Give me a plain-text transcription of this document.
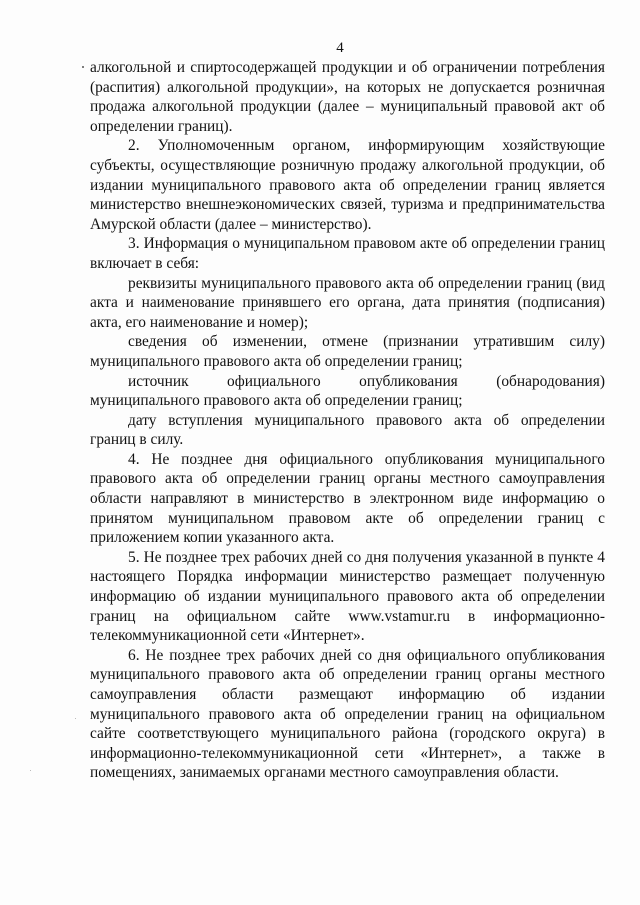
4

алкогольной и спиртосодержащей продукции и об ограничении потребления (распития) алкогольной продукции», на которых не допускается розничная продажа алкогольной продукции (далее – муниципальный правовой акт об определении границ).

2. Уполномоченным органом, информирующим хозяйствующие субъекты, осуществляющие розничную продажу алкогольной продукции, об издании муниципального правового акта об определении границ является министерство внешнеэкономических связей, туризма и предпринимательства Амурской области (далее – министерство).

3. Информация о муниципальном правовом акте об определении границ включает в себя:

реквизиты муниципального правового акта об определении границ (вид акта и наименование принявшего его органа, дата принятия (подписания) акта, его наименование и номер);

сведения об изменении, отмене (признании утратившим силу) муниципального правового акта об определении границ;

источник официального опубликования (обнародования) муниципального правового акта об определении границ;

дату вступления муниципального правового акта об определении границ в силу.

4. Не позднее дня официального опубликования муниципального правового акта об определении границ органы местного самоуправления области направляют в министерство в электронном виде информацию о принятом муниципальном правовом акте об определении границ с приложением копии указанного акта.

5. Не позднее трех рабочих дней со дня получения указанной в пункте 4 настоящего Порядка информации министерство размещает полученную информацию об издании муниципального правового акта об определении границ на официальном сайте www.vstamur.ru в информационно-телекоммуникационной сети «Интернет».

6. Не позднее трех рабочих дней со дня официального опубликования муниципального правового акта об определении границ органы местного самоуправления области размещают информацию об издании муниципального правового акта об определении границ на официальном сайте соответствующего муниципального района (городского округа) в информационно-телекоммуникационной сети «Интернет», а также в помещениях, занимаемых органами местного самоуправления области.
